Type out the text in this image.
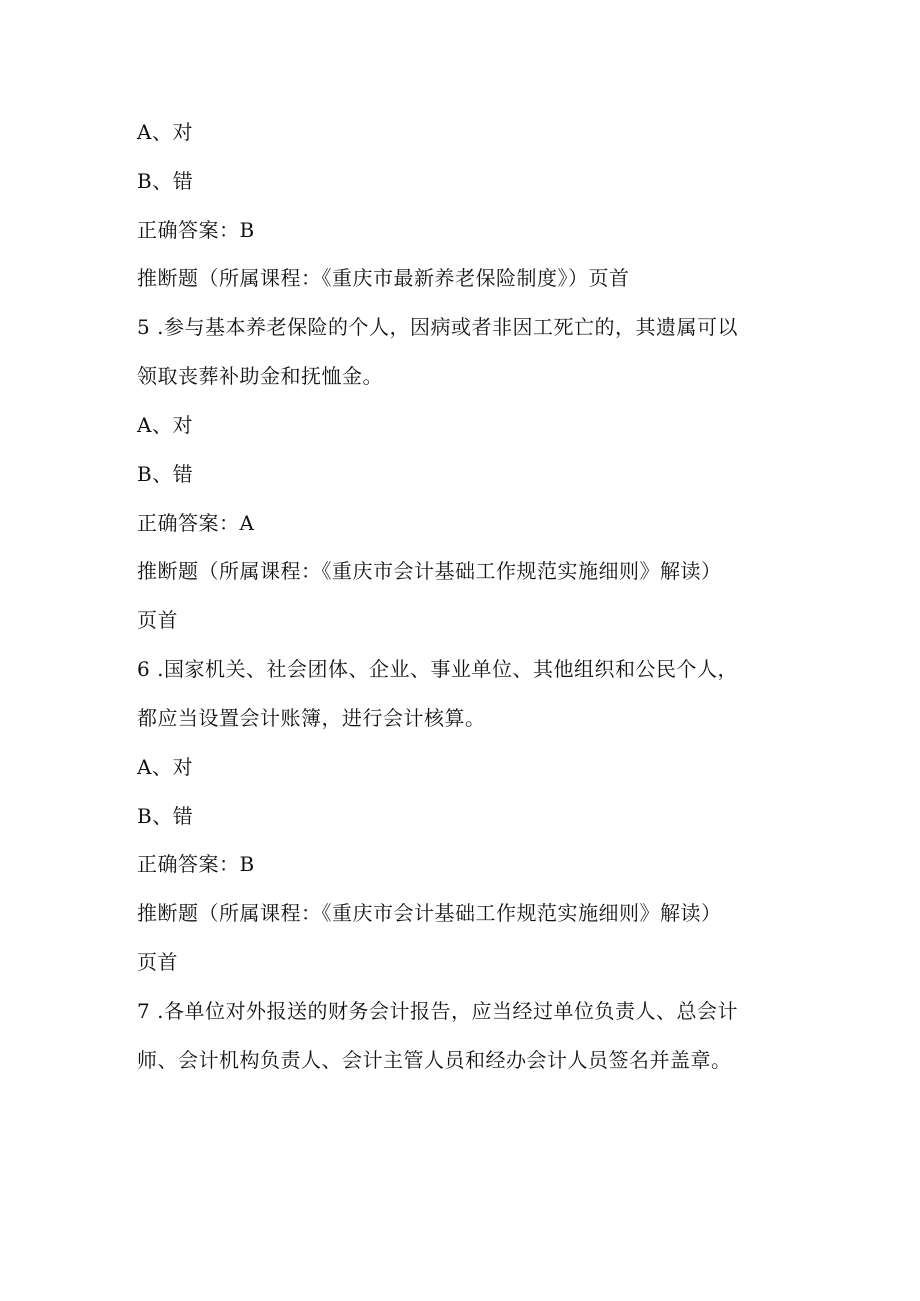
A、对
B、错
正确答案：B
推断题（所属课程：《重庆市最新养老保险制度》）页首
5 .参与基本养老保险的个人，因病或者非因工死亡的，其遗属可以
领取丧葬补助金和抚恤金。
A、对
B、错
正确答案：A
推断题（所属课程：《重庆市会计基础工作规范实施细则》解读）
页首
6 .国家机关、社会团体、企业、事业单位、其他组织和公民个人，
都应当设置会计账簿，进行会计核算。
A、对
B、错
正确答案：B
推断题（所属课程：《重庆市会计基础工作规范实施细则》解读）
页首
7 .各单位对外报送的财务会计报告，应当经过单位负责人、总会计
师、会计机构负责人、会计主管人员和经办会计人员签名并盖章。
